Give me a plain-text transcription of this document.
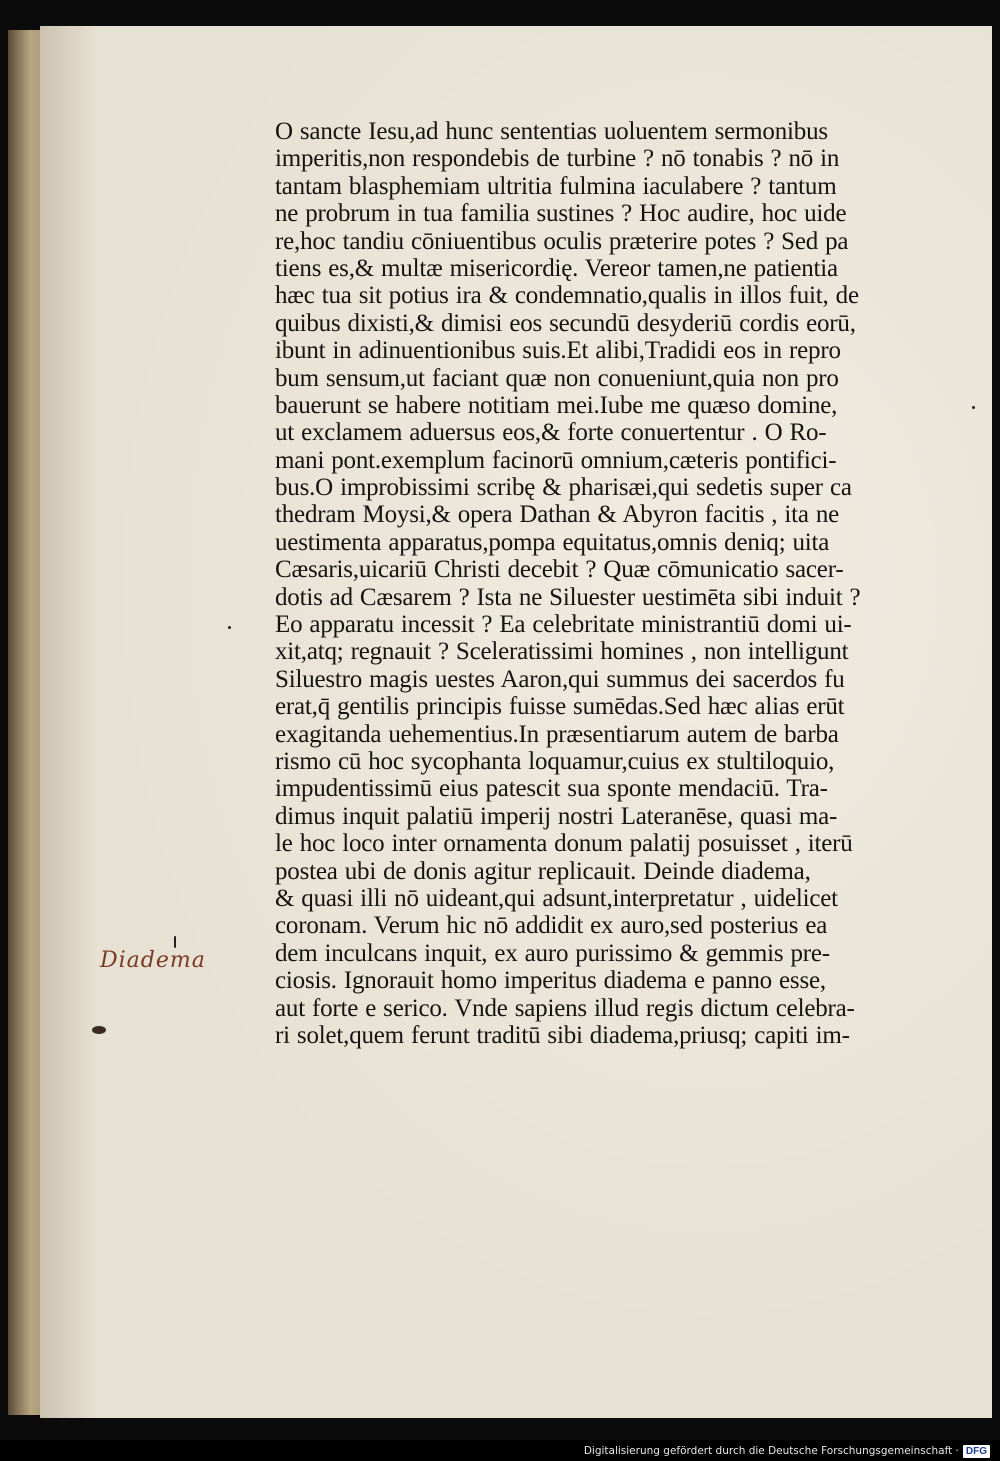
O sancte Iesu,ad hunc sententias uoluentem sermonibus
imperitis,non respondebis de turbine ? nō tonabis ? nō in
tantam blasphemiam ultritia fulmina iaculabere ? tantum
ne probrum in tua familia sustines ? Hoc audire, hoc uide
re,hoc tandiu cōniuentibus oculis præterire potes ? Sed pa
tiens es,& multæ misericordię. Vereor tamen,ne patientia
hæc tua sit potius ira & condemnatio,qualis in illos fuit, de
quibus dixisti,& dimisi eos secundū desyderiū cordis eorū,
ibunt in adinuentionibus suis.Et alibi,Tradidi eos in repro
bum sensum,ut faciant quæ non conueniunt,quia non pro
bauerunt se habere notitiam mei.Iube me quæso domine,
ut exclamem aduersus eos,& forte conuertentur . O Ro-
mani pont.exemplum facinorū omnium,cæteris pontifici-
bus.O improbissimi scribę & pharisæi,qui sedetis super ca
thedram Moysi,& opera Dathan & Abyron facitis , ita ne
uestimenta apparatus,pompa equitatus,omnis deniq; uita
Cæsaris,uicariū Christi decebit ? Quæ cōmunicatio sacer-
dotis ad Cæsarem ? Ista ne Siluester uestimēta sibi induit ?
Eo apparatu incessit ? Ea celebritate ministrantiū domi ui-
xit,atq; regnauit ? Sceleratissimi homines , non intelligunt
Siluestro magis uestes Aaron,qui summus dei sacerdos fu
erat,q̄ gentilis principis fuisse sumēdas.Sed hæc alias erūt
exagitanda uehementius.In præsentiarum autem de barba
rismo cū hoc sycophanta loquamur,cuius ex stultiloquio,
impudentissimū eius patescit sua sponte mendaciū. Tra-
dimus inquit palatiū imperij nostri Lateranēse, quasi ma-
le hoc loco inter ornamenta donum palatij posuisset , iterū
postea ubi de donis agitur replicauit. Deinde diadema,
& quasi illi nō uideant,qui adsunt,interpretatur , uidelicet
coronam. Verum hic nō addidit ex auro,sed posterius ea
dem inculcans inquit, ex auro purissimo & gemmis pre-
ciosis. Ignorauit homo imperitus diadema e panno esse,
aut forte e serico. Vnde sapiens illud regis dictum celebra-
ri solet,quem ferunt traditū sibi diadema,priusq; capiti im-
Diadema
Digitalisierung gefördert durch die Deutsche Forschungsgemeinschaft · DFG
